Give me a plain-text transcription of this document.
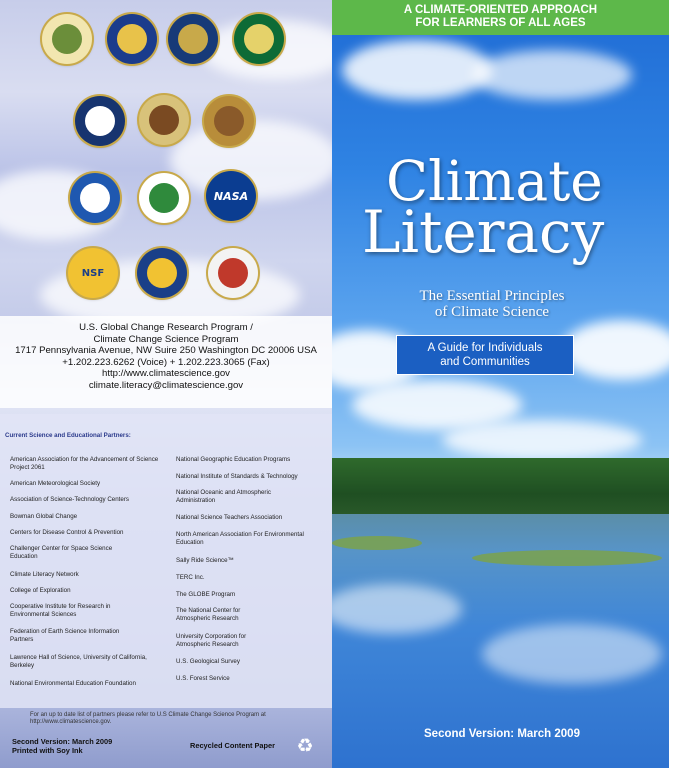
NASA
NSF
U.S. Global Change Research Program /
Climate Change Science Program
1717 Pennsylvania Avenue, NW Suire 250 Washington DC 20006 USA
+1.202.223.6262 (Voice) + 1.202.223.3065 (Fax)
http://www.climatescience.gov
climate.literacy@climatescience.gov
Current Science and Educational Partners:
American Association for the Advancement of Science Project 2061
American Meteorological Society
Association of Science-Technology Centers
Bowman Global Change
Centers for Disease Control & Prevention
Challenger Center for Space Science Education
Climate Literacy Network
College of Exploration
Cooperative Institute for Research in Environmental Sciences
Federation of Earth Science Information Partners
Lawrence Hall of Science, University of California, Berkeley
National Environmental Education Foundation
National Geographic Education Programs
National Institute of Standards & Technology
National Oceanic and Atmospheric Administration
National Science Teachers Association
North American Association For Environmental Education
Sally Ride Science™
TERC Inc.
The GLOBE Program
The National Center for Atmospheric Research
University Corporation for Atmospheric Research
U.S. Geological Survey
U.S. Forest Service
For an up to date list of partners please refer to U.S Climate Change Science Program at http://www.climatescience.gov.
Second Version: March 2009
Printed with Soy Ink
Recycled Content Paper ♻
A CLIMATE-ORIENTED APPROACH
FOR LEARNERS OF ALL AGES
Climate
Literacy
The Essential Principles
of Climate Science
A Guide for Individuals
and Communities
Second Version: March 2009
